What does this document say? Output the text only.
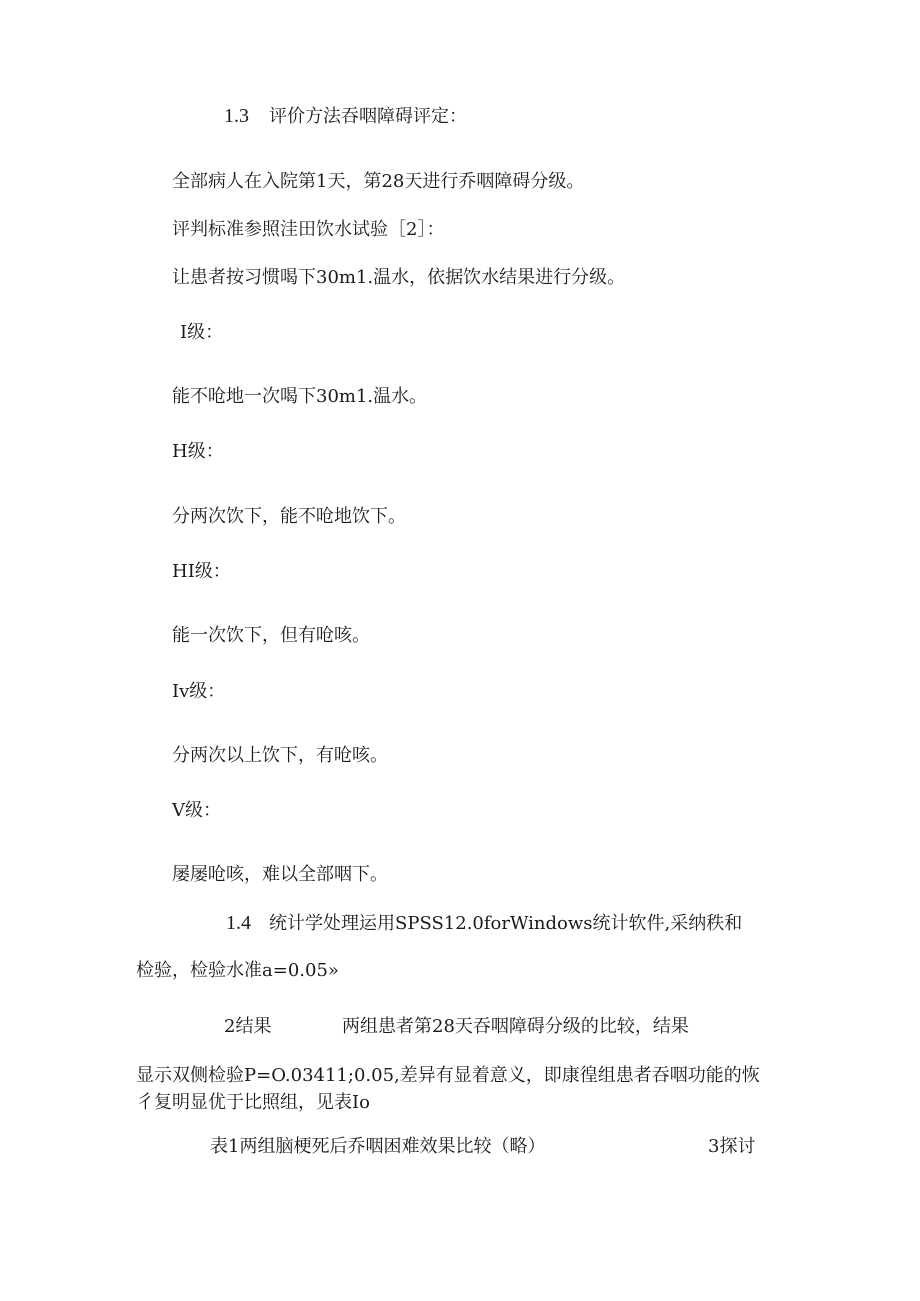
1.3 评价方法吞咽障碍评定：
全部病人在入院第1天，第28天进行乔咽障碍分级。
评判标准参照洼田饮水试验［2］：
让患者按习惯喝下30m1.温水，依据饮水结果进行分级。
I级：
能不呛地一次喝下30m1.温水。
H级：
分两次饮下，能不呛地饮下。
HI级：
能一次饮下，但有呛咳。
Iv级：
分两次以上饮下，有呛咳。
V级：
屡屡呛咳，难以全部咽下。
1.4 统计学处理运用SPSS12.0forWindows统计软件,采纳秩和
检验，检验水准a=0.05»
2结果	两组患者第28天吞咽障碍分级的比较，结果
显示双侧检验P=O.03411;0.05,差异有显着意义，即康徨组患者吞咽功能的恢
彳复明显优于比照组，见表Io
表1两组脑梗死后乔咽困难效果比较（略）	3探讨
